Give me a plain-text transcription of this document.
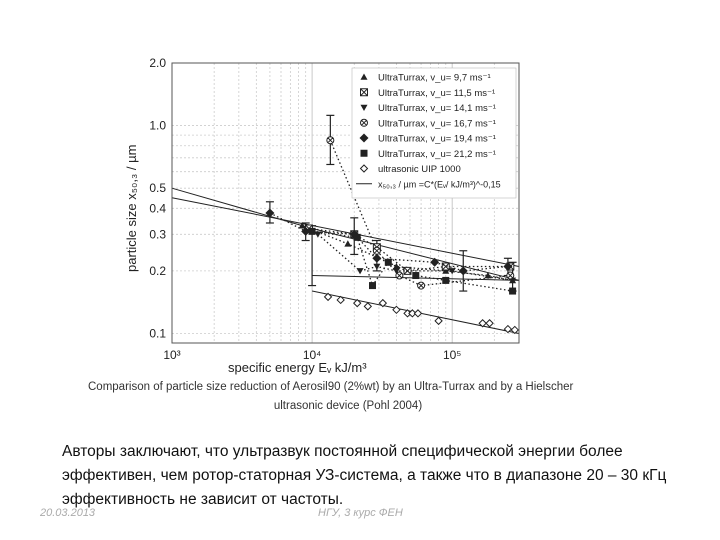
10³	10⁴	10⁵
0.1
0.2
0.3
0.4
0.5
1.0
2.0
UltraTurrax, v_u= 9,7 ms⁻¹
UltraTurrax, v_u= 11,5 ms⁻¹
UltraTurrax, v_u= 14,1 ms⁻¹
UltraTurrax, v_u= 16,7 ms⁻¹
UltraTurrax, v_u= 19,4 ms⁻¹
UltraTurrax, v_u= 21,2 ms⁻¹
ultrasonic UIP 1000
x₅₀,₃ / µm =C*(Eᵥ/ kJ/m³)^-0,15
specific energy Eᵥ kJ/m³
particle size x₅₀,₃ / µm
Comparison of particle size reduction of Aerosil90 (2%wt) by an Ultra-Turrax and by a Hielscher
ultrasonic device (Pohl 2004)
Авторы заключают, что ультразвук постоянной специфической энергии более эффективен, чем ротор-статорная УЗ-система, а также что в диапазоне 20 – 30 кГц эффективность не зависит от частоты.
20.03.2013	НГУ, 3 курс ФЕН
